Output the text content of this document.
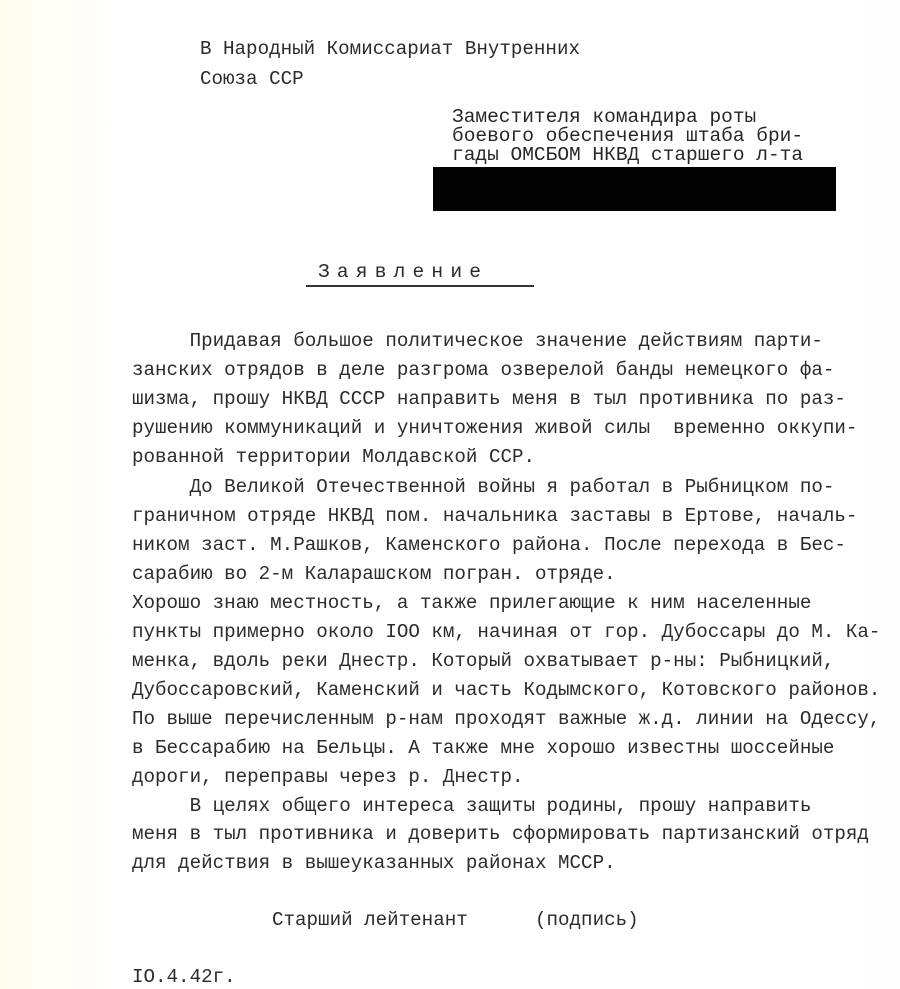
В Народный Комиссариат Внутренних
Союза ССР
Заместителя командира роты
боевого обеспечения штаба бри-
гады ОМСБОМ НКВД старшего л-та
Заявление
Придавая большое политическое значение действиям парти-
занских отрядов в деле разгрома озверелой банды немецкого фа-
шизма, прошу НКВД СССР направить меня в тыл противника по раз-
рушению коммуникаций и уничтожения живой силы  временно оккупи-
рованной территории Молдавской ССР.
До Великой Отечественной войны я работал в Рыбницком по-
граничном отряде НКВД пом. начальника заставы в Ертове, началь-
ником заст. М.Рашков, Каменского района. После перехода в Бес-
сарабию во 2-м Каларашском погран. отряде.
Хорошо знаю местность, а также прилегающие к ним населенные
пункты примерно около IОО км, начиная от гор. Дубоссары до М. Ка-
менка, вдоль реки Днестр. Который охватывает р-ны: Рыбницкий,
Дубоссаровский, Каменский и часть Кодымского, Котовского районов.
По выше перечисленным р-нам проходят важные ж.д. линии на Одессу,
в Бессарабию на Бельцы. А также мне хорошо известны шоссейные
дороги, переправы через р. Днестр.
В целях общего интереса защиты родины, прошу направить
меня в тыл противника и доверить сформировать партизанский отряд
для действия в вышеуказанных районах МССР.
Старший лейтенант	(подпись)
IО.4.42г.
